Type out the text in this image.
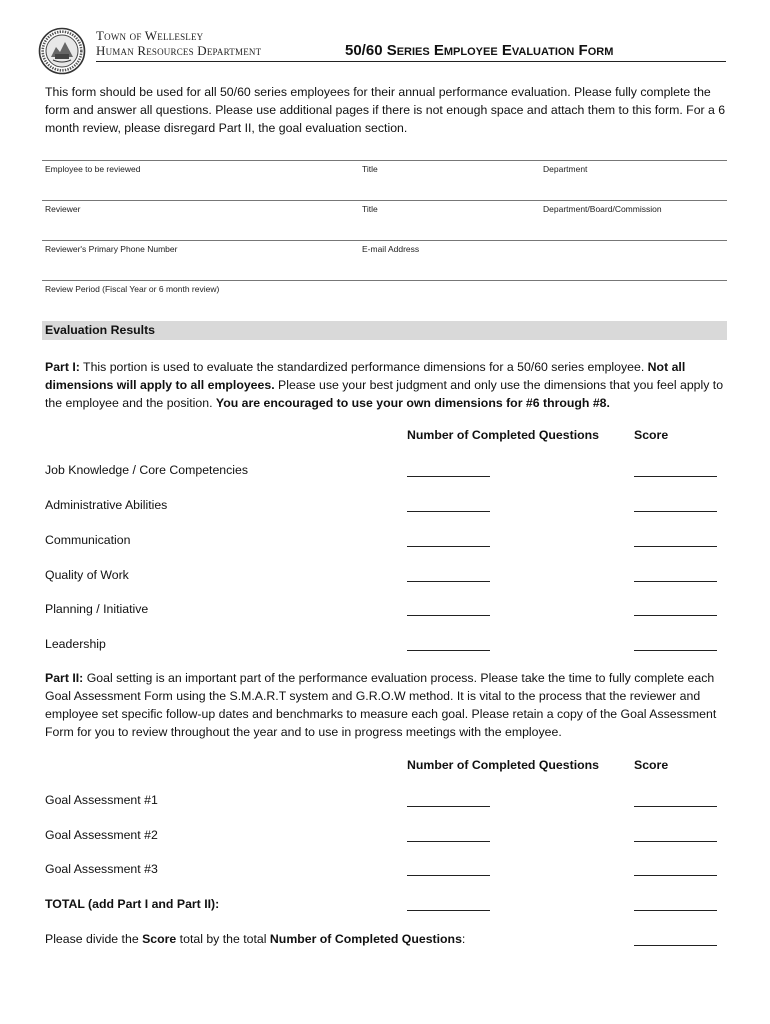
Town of Wellesley
Human Resources Department	50/60 Series Employee Evaluation Form
This form should be used for all 50/60 series employees for their annual performance evaluation. Please fully complete the form and answer all questions. Please use additional pages if there is not enough space and attach them to this form. For a 6 month review, please disregard Part II, the goal evaluation section.
Employee to be reviewed	Title	Department
Reviewer	Title	Department/Board/Commission
Reviewer's Primary Phone Number	E-mail Address
Review Period (Fiscal Year or 6 month review)
Evaluation Results
Part I: This portion is used to evaluate the standardized performance dimensions for a 50/60 series employee. Not all dimensions will apply to all employees. Please use your best judgment and only use the dimensions that you feel apply to the employee and the position. You are encouraged to use your own dimensions for #6 through #8.
Number of Completed Questions	Score
Job Knowledge / Core Competencies
Administrative Abilities
Communication
Quality of Work
Planning / Initiative
Leadership
Part II: Goal setting is an important part of the performance evaluation process. Please take the time to fully complete each Goal Assessment Form using the S.M.A.R.T system and G.R.O.W method. It is vital to the process that the reviewer and employee set specific follow-up dates and benchmarks to measure each goal. Please retain a copy of the Goal Assessment Form for you to review throughout the year and to use in progress meetings with the employee.
Number of Completed Questions	Score
Goal Assessment #1
Goal Assessment #2
Goal Assessment #3
TOTAL (add Part I and Part II):
Please divide the Score total by the total Number of Completed Questions:
